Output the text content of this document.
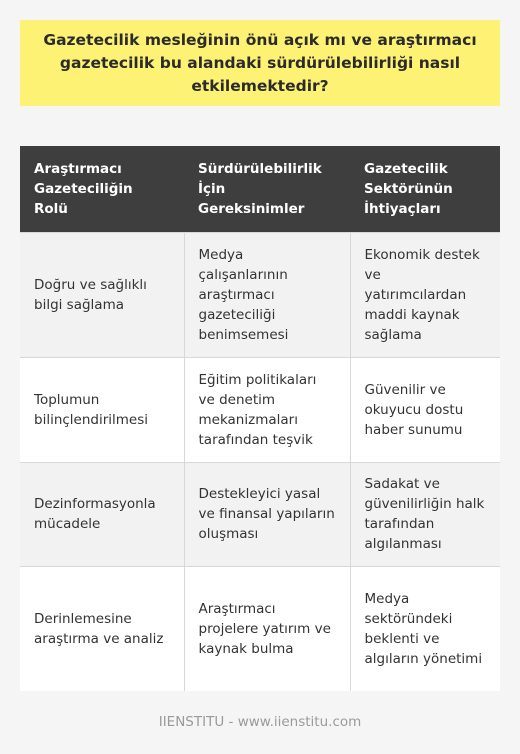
Gazetecilik mesleğinin önü açık mı ve araştırmacı gazetecilik bu alandaki sürdürülebilirliği nasıl etkilemektedir?
Araştırmacı Gazeteciliğin Rolü	Sürdürülebilirlik İçin Gereksinimler	Gazetecilik Sektörünün İhtiyaçları
Doğru ve sağlıklı bilgi sağlama	Medya çalışanlarının araştırmacı gazeteciliği benimsemesi	Ekonomik destek ve yatırımcılardan maddi kaynak sağlama
Toplumun bilinçlendirilmesi	Eğitim politikaları ve denetim mekanizmaları tarafından teşvik	Güvenilir ve okuyucu dostu haber sunumu
Dezinformasyonla mücadele	Destekleyici yasal ve finansal yapıların oluşması	Sadakat ve güvenilirliğin halk tarafından algılanması
Derinlemesine araştırma ve analiz	Araştırmacı projelere yatırım ve kaynak bulma	Medya sektöründeki beklenti ve algıların yönetimi
IIENSTITU - www.iienstitu.com
